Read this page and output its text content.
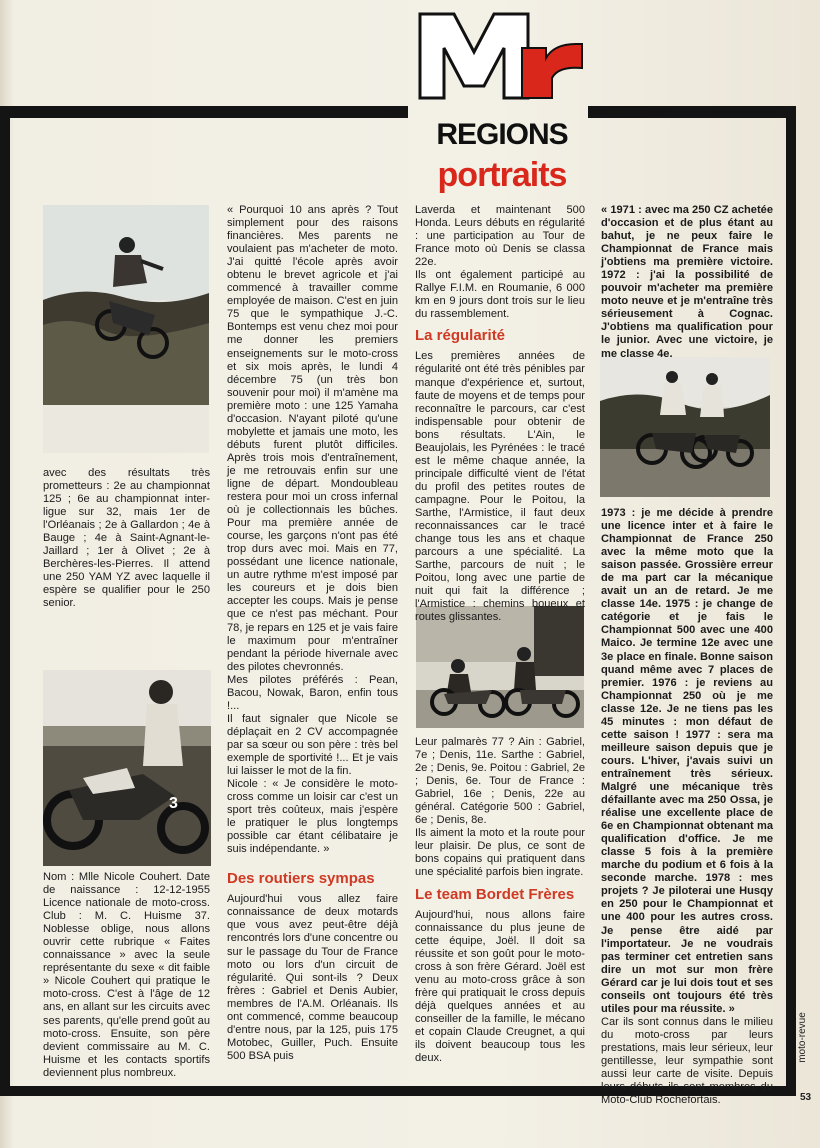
REGIONS
portraits
3

avec des résultats très prometteurs : 2e au championnat 125 ; 6e au championnat inter-ligue sur 32, mais 1er de l'Orléanais ; 2e à Gallardon ; 4e à Bauge ; 4e à Saint-Agnant-le-Jaillard ; 1er à Olivet ; 2e à Berchères-les-Pierres. Il attend une 250 YAM YZ avec laquelle il espère se qualifier pour le 250 senior.

Nom : Mlle Nicole Couhert. Date de naissance : 12-12-1955 Licence nationale de moto-cross. Club : M. C. Huisme 37. Noblesse oblige, nous allons ouvrir cette rubrique « Faites connaissance » avec la seule représentante du sexe « dit faible » Nicole Couhert qui pratique le moto-cross. C'est à l'âge de 12 ans, en allant sur les circuits avec ses parents, qu'elle prend goût au moto-cross. Ensuite, son père devient commissaire au M. C. Huisme et les contacts sportifs deviennent plus nombreux.

« Pourquoi 10 ans après ? Tout simplement pour des raisons financières. Mes parents ne voulaient pas m'acheter de moto. J'ai quitté l'école après avoir obtenu le brevet agricole et j'ai commencé à travailler comme employée de maison. C'est en juin 75 que le sympathique J.-C. Bontemps est venu chez moi pour me donner les premiers enseignements sur le moto-cross et six mois après, le lundi 4 décembre 75 (un très bon souvenir pour moi) il m'amène ma première moto : une 125 Yamaha d'occasion. N'ayant piloté qu'une mobylette et jamais une moto, les débuts furent plutôt difficiles. Après trois mois d'entraînement, je me retrouvais enfin sur une ligne de départ. Mondoubleau restera pour moi un cross infernal où je collectionnais les bûches. Pour ma première année de course, les garçons n'ont pas été trop durs avec moi. Mais en 77, possédant une licence nationale, un autre rythme m'est imposé par les coureurs et je dois bien accepter les coups. Mais je pense que ce n'est pas méchant. Pour 78, je repars en 125 et je vais faire le maximum pour m'entraîner pendant la période hivernale avec des pilotes chevronnés.

Mes pilotes préférés : Pean, Bacou, Nowak, Baron, enfin tous !...

Il faut signaler que Nicole se déplaçait en 2 CV accompagnée par sa sœur ou son père : très bel exemple de sportivité !... Et je vais lui laisser le mot de la fin.

Nicole : « Je considère le moto-cross comme un loisir car c'est un sport très coûteux, mais j'espère le pratiquer le plus longtemps possible car étant célibataire je suis indépendante. »

Des routiers sympas

Aujourd'hui vous allez faire connaissance de deux motards que vous avez peut-être déjà rencontrés lors d'une concentre ou sur le passage du Tour de France moto ou lors d'un circuit de régularité. Qui sont-ils ? Deux frères : Gabriel et Denis Aubier, membres de l'A.M. Orléanais. Ils ont commencé, comme beaucoup d'entre nous, par la 125, puis 175 Motobec, Guiller, Puch. Ensuite 500 BSA puis

Laverda et maintenant 500 Honda. Leurs débuts en régularité : une participation au Tour de France moto où Denis se classa 22e.

Ils ont également participé au Rallye F.I.M. en Roumanie, 6 000 km en 9 jours dont trois sur le lieu du rassemblement.

La régularité

Les premières années de régularité ont été très pénibles par manque d'expérience et, surtout, faute de moyens et de temps pour reconnaître le parcours, car c'est indispensable pour obtenir de bons résultats. L'Ain, le Beaujolais, les Pyrénées : le tracé est le même chaque année, la principale difficulté vient de l'état du profil des petites routes de campagne. Pour le Poitou, la Sarthe, l'Armistice, il faut deux reconnaissances car le tracé change tous les ans et chaque parcours a une spécialité. La Sarthe, parcours de nuit ; le Poitou, long avec une partie de nuit qui fait la différence ; l'Armistice : chemins boueux et routes glissantes.

Leur palmarès 77 ? Ain : Gabriel, 7e ; Denis, 11e. Sarthe : Gabriel, 2e ; Denis, 9e. Poitou : Gabriel, 2e ; Denis, 6e. Tour de France : Gabriel, 16e ; Denis, 22e au général. Catégorie 500 : Gabriel, 6e ; Denis, 8e.

Ils aiment la moto et la route pour leur plaisir. De plus, ce sont de bons copains qui pratiquent dans une spécialité parfois bien ingrate.

Le team Bordet Frères

Aujourd'hui, nous allons faire connaissance du plus jeune de cette équipe, Joël. Il doit sa réussite et son goût pour le moto-cross à son frère Gérard. Joël est venu au moto-cross grâce à son frère qui pratiquait le cross depuis déjà quelques années et au conseiller de la famille, le mécano et copain Claude Creugnet, a qui ils doivent beaucoup tous les deux.

« 1971 : avec ma 250 CZ achetée d'occasion et de plus étant au bahut, je ne peux faire le Championnat de France mais j'obtiens ma première victoire. 1972 : j'ai la possibilité de pouvoir m'acheter ma première moto neuve et je m'entraîne très sérieusement à Cognac. J'obtiens ma qualification pour le junior. Avec une victoire, je me classe 4e.

1973 : je me décide à prendre une licence inter et à faire le Championnat de France 250 avec la même moto que la saison passée. Grossière erreur de ma part car la mécanique avait un an de retard. Je me classe 14e. 1975 : je change de catégorie et je fais le Championnat 500 avec une 400 Maico. Je termine 12e avec une 3e place en finale. Bonne saison quand même avec 7 places de premier. 1976 : je reviens au Championnat 250 où je me classe 12e. Je ne tiens pas les 45 minutes : mon défaut de cette saison ! 1977 : sera ma meilleure saison depuis que je cours. L'hiver, j'avais suivi un entraînement très sérieux. Malgré une mécanique très défaillante avec ma 250 Ossa, je réalise une excellente place de 6e en Championnat obtenant ma qualification d'office. Je me classe 5 fois à la première marche du podium et 6 fois à la seconde marche. 1978 : mes projets ? Je piloterai une Husqy en 250 pour le Championnat et une 400 pour les autres cross. Je pense être aidé par l'importateur. Je ne voudrais pas terminer cet entretien sans dire un mot sur mon frère Gérard car je lui dois tout et ses conseils ont toujours été très utiles pour ma réussite. »

Car ils sont connus dans le milieu du moto-cross par leurs prestations, mais leur sérieux, leur gentillesse, leur sympathie sont aussi leur carte de visite. Depuis leurs débuts ils sont membres du Moto-Club Rochefortais.

moto-revue
53
